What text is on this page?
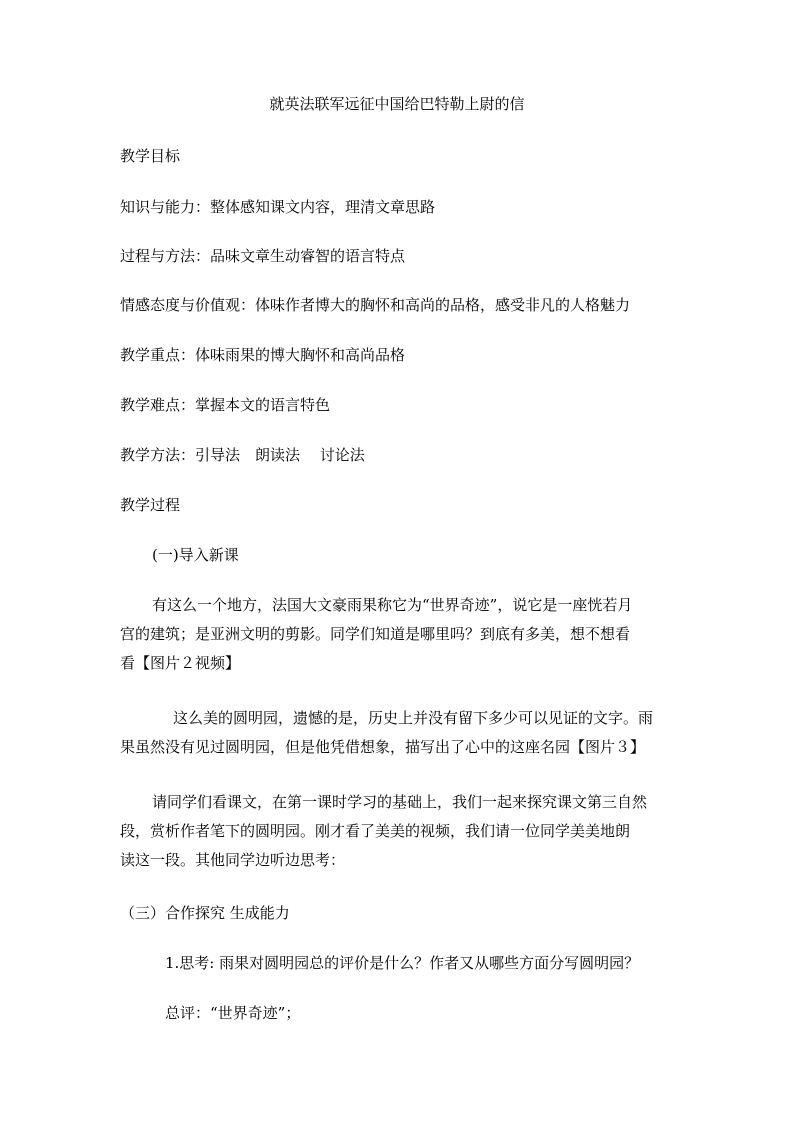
就英法联军远征中国给巴特勒上尉的信
教学目标
知识与能力：整体感知课文内容，理清文章思路
过程与方法：品味文章生动睿智的语言特点
情感态度与价值观：体味作者博大的胸怀和高尚的品格，感受非凡的人格魅力
教学重点：体味雨果的博大胸怀和高尚品格
教学难点：掌握本文的语言特色
教学方法：引导法　朗读法　 讨论法
教学过程
(一)导入新课
有这么一个地方，法国大文豪雨果称它为“世界奇迹”，说它是一座恍若月
宫的建筑；是亚洲文明的剪影。同学们知道是哪里吗？到底有多美，想不想看
看【图片２视频】
这么美的圆明园，遗憾的是，历史上并没有留下多少可以见证的文字。雨
果虽然没有见过圆明园，但是他凭借想象，描写出了心中的这座名园【图片３】
请同学们看课文，在第一课时学习的基础上，我们一起来探究课文第三自然
段，赏析作者笔下的圆明园。刚才看了美美的视频，我们请一位同学美美地朗
读这一段。其他同学边听边思考：
（三）合作探究 生成能力
1.思考: 雨果对圆明园总的评价是什么？作者又从哪些方面分写圆明园？
总评：“世界奇迹”；
